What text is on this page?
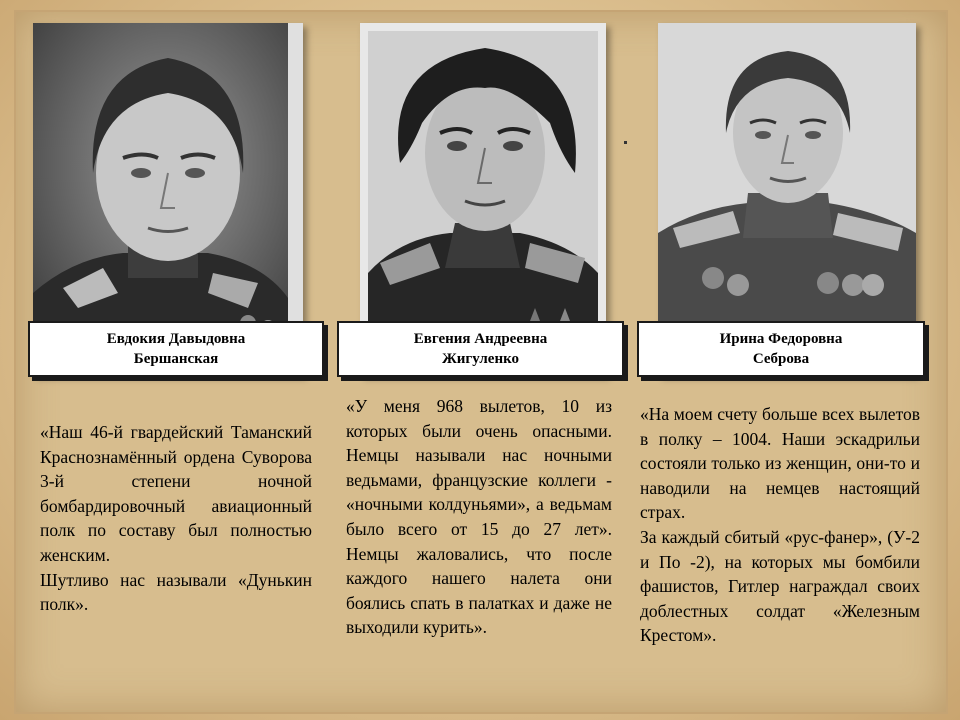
Евдокия Давыдовна
Бершанская
Евгения Андреевна
Жигуленко
Ирина Федоровна
Себрова

«Наш 46-й гвардейский Таманский Краснознамённый ордена Суворова 3-й степени ночной бомбардировочный авиационный полк по составу был полностью женским.

Шутливо нас называли «Дунькин полк».

«У меня 968 вылетов, 10 из которых были очень опасными. Немцы называли нас ночными ведьмами, французские коллеги - «ночными колдуньями», а ведьмам было всего от 15 до 27 лет». Немцы жаловались, что после каждого нашего налета они боялись спать в палатках и даже не выходили курить».

«На моем счету больше всех вылетов в полку – 1004. Наши эскадрильи состояли только из женщин, они-то и наводили на немцев настоящий страх.

За каждый сбитый «рус-фанер», (У-2 и По -2), на которых мы бомбили фашистов, Гитлер награждал своих доблестных солдат «Железным Крестом».
